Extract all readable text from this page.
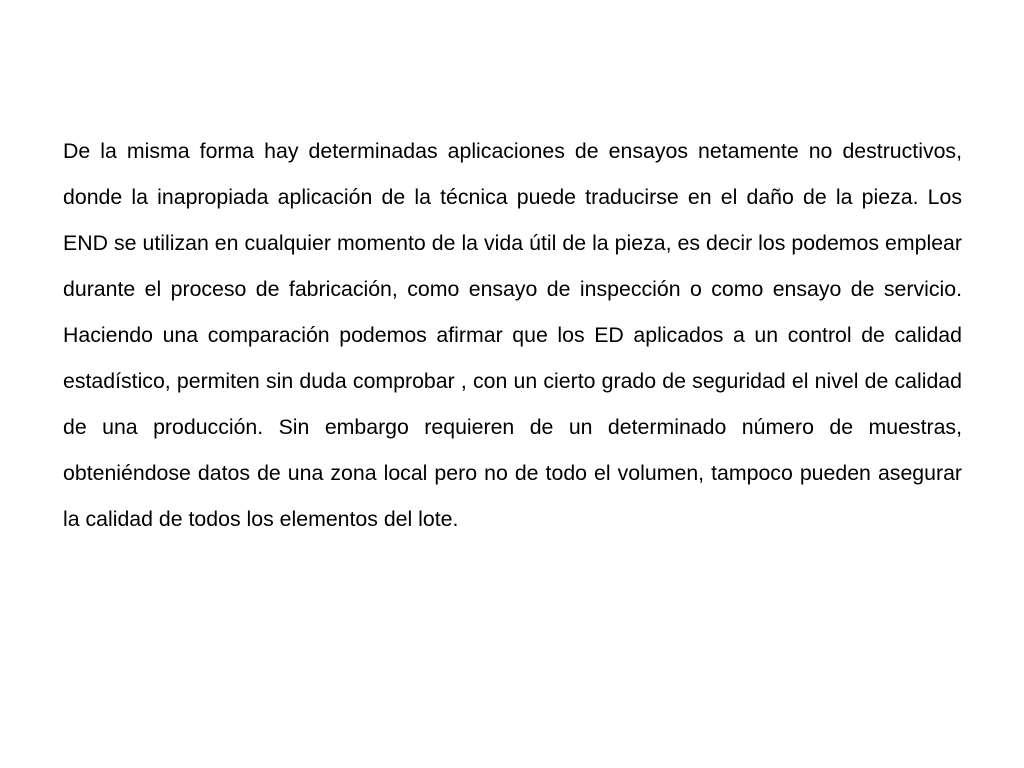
De la misma forma hay determinadas aplicaciones de ensayos netamente no destructivos, donde la inapropiada aplicación de la técnica puede traducirse en el daño de la pieza. Los END se utilizan en cualquier momento de la vida útil de la pieza, es decir los podemos emplear durante el proceso de fabricación, como ensayo de inspección o como ensayo de servicio. Haciendo una comparación podemos afirmar que los ED aplicados a un control de calidad estadístico, permiten sin duda comprobar , con un cierto grado de seguridad el nivel de calidad de una producción. Sin embargo requieren de un determinado número de muestras, obteniéndose datos de una zona local pero no de todo el volumen, tampoco pueden asegurar la calidad de todos los elementos del lote.
